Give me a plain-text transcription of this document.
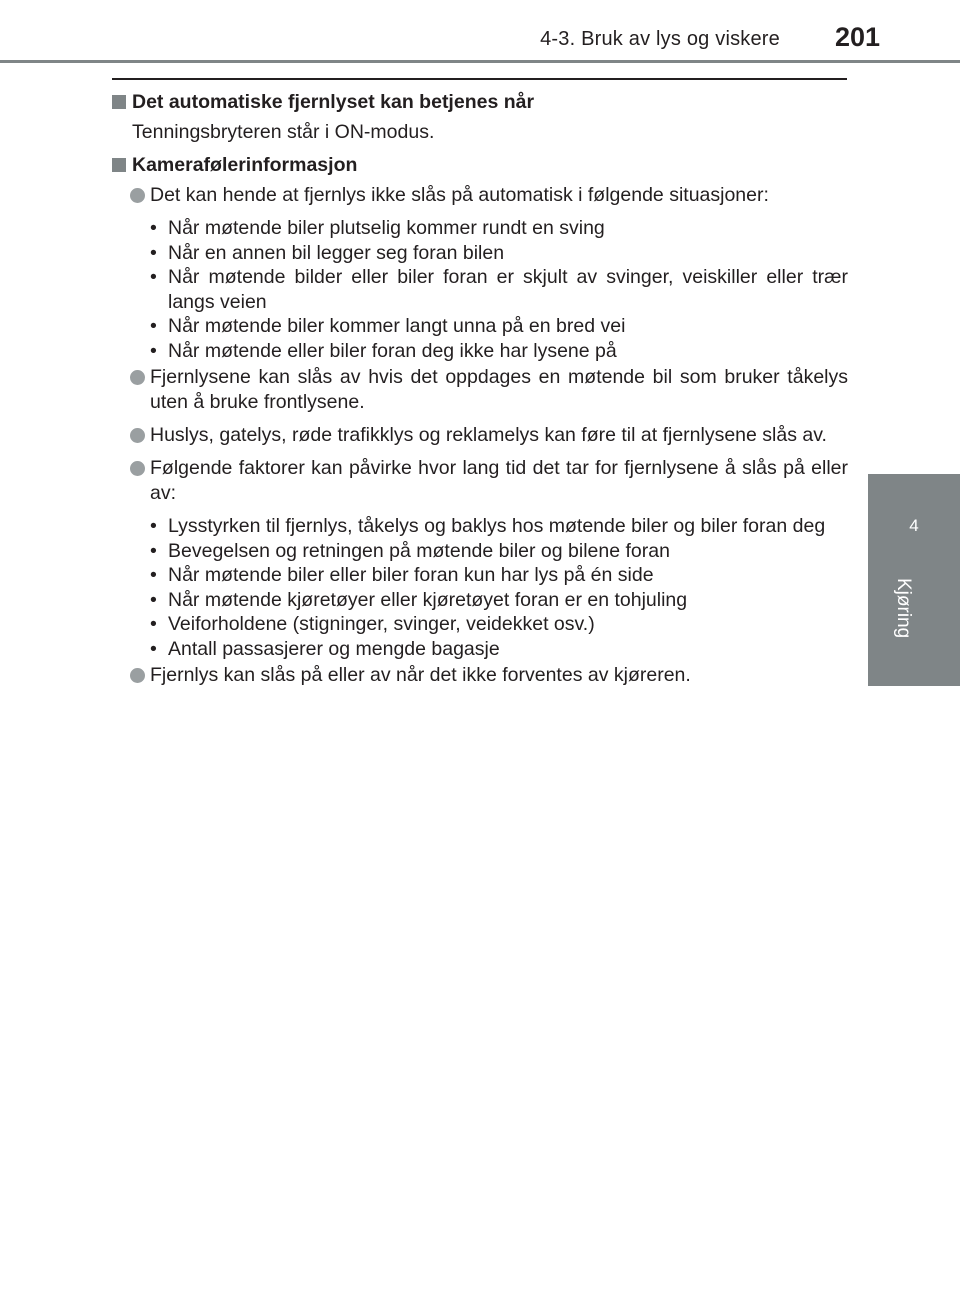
4-3. Bruk av lys og viskere 201
4
Kjøring
Det automatiske fjernlyset kan betjenes når
Tenningsbryteren står i ON-modus.
Kamerafølerinformasjon
Det kan hende at fjernlys ikke slås på automatisk i følgende situasjoner:
• Når møtende biler plutselig kommer rundt en sving
• Når en annen bil legger seg foran bilen
• Når møtende bilder eller biler foran er skjult av svinger, veiskiller eller trær langs veien
• Når møtende biler kommer langt unna på en bred vei
• Når møtende eller biler foran deg ikke har lysene på
Fjernlysene kan slås av hvis det oppdages en møtende bil som bruker tåkelys uten å bruke frontlysene.
Huslys, gatelys, røde trafikklys og reklamelys kan føre til at fjernlysene slås av.
Følgende faktorer kan påvirke hvor lang tid det tar for fjernlysene å slås på eller av:
• Lysstyrken til fjernlys, tåkelys og baklys hos møtende biler og biler foran deg
• Bevegelsen og retningen på møtende biler og bilene foran
• Når møtende biler eller biler foran kun har lys på én side
• Når møtende kjøretøyer eller kjøretøyet foran er en tohjuling
• Veiforholdene (stigninger, svinger, veidekket osv.)
• Antall passasjerer og mengde bagasje
Fjernlys kan slås på eller av når det ikke forventes av kjøreren.
